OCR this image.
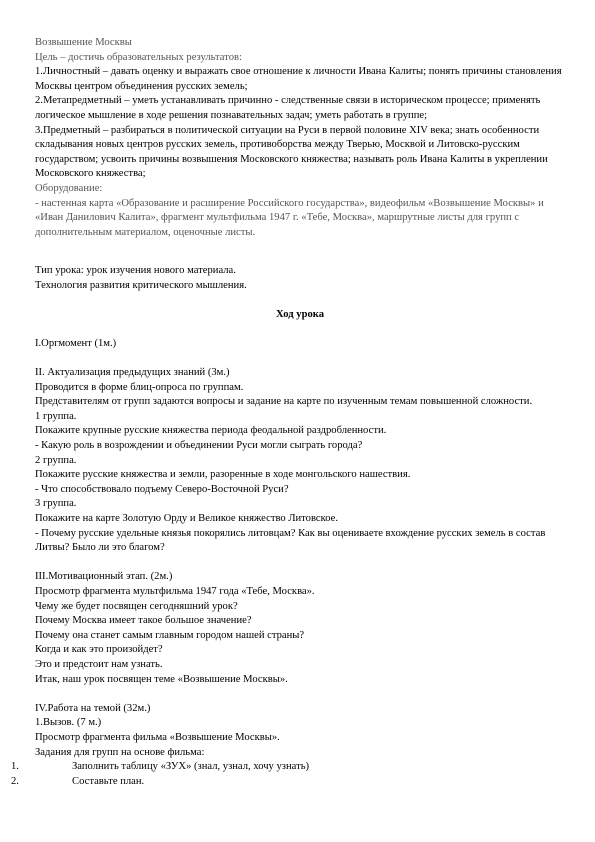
Возвышение Москвы

Цель – достичь образовательных результатов:

1.Личностный – давать оценку и выражать свое отношение к личности Ивана Калиты; понять причины становления Москвы центром объединения русских земель;

2.Метапредметный – уметь устанавливать причинно - следственные связи в историческом процессе; применять логическое мышление в ходе решения познавательных задач; уметь работать в группе;

3.Предметный – разбираться в политической ситуации на Руси в первой половине XIV века; знать особенности складывания новых центров русских земель, противоборства между Тверью, Москвой и Литовско-русским государством; усвоить причины возвышения Московского княжества; называть роль Ивана Калиты в укреплении Московского княжества;

Оборудование:

- настенная карта «Образование и расширение Российского государства», видеофильм «Возвышение Москвы» и «Иван Данилович Калита», фрагмент мультфильма 1947 г. «Тебе, Москва», маршрутные листы для групп с дополнительным материалом, оценочные листы.

Тип урока: урок изучения нового материала.

Технология развития критического мышления.

Ход урока

I.Оргмомент (1м.)

II. Актуализация предыдущих знаний (3м.)

Проводится в форме блиц-опроса по группам.

Представителям от групп задаются вопросы и задание на карте по изученным темам повышенной сложности.

1 группа.

Покажите крупные русские княжества периода феодальной раздробленности.

- Какую роль в возрождении и объединении Руси могли сыграть города?

2 группа.

Покажите русские княжества и земли, разоренные в ходе монгольского нашествия.

- Что способствовало подъему Северо-Восточной Руси?

3 группа.

Покажите на карте Золотую Орду и Великое княжество Литовское.

- Почему русские удельные князья покорялись литовцам? Как вы оцениваете вхождение русских земель в состав Литвы? Было ли это благом?

III.Мотивационный этап. (2м.)

Просмотр фрагмента мультфильма 1947 года «Тебе, Москва».

Чему же будет посвящен сегодняшний урок?

Почему Москва имеет такое большое значение?

Почему она станет самым главным городом нашей страны?

Когда и как это произойдет?

Это и предстоит нам узнать.

Итак, наш урок посвящен теме «Возвышение Москвы».

IV.Работа на темой (32м.)

1.Вызов. (7 м.)

Просмотр фрагмента фильма «Возвышение Москвы».

Задания для групп на основе фильма:

1.	Заполнить таблицу «ЗУХ» (знал, узнал, хочу узнать)
2.	Составьте план.
